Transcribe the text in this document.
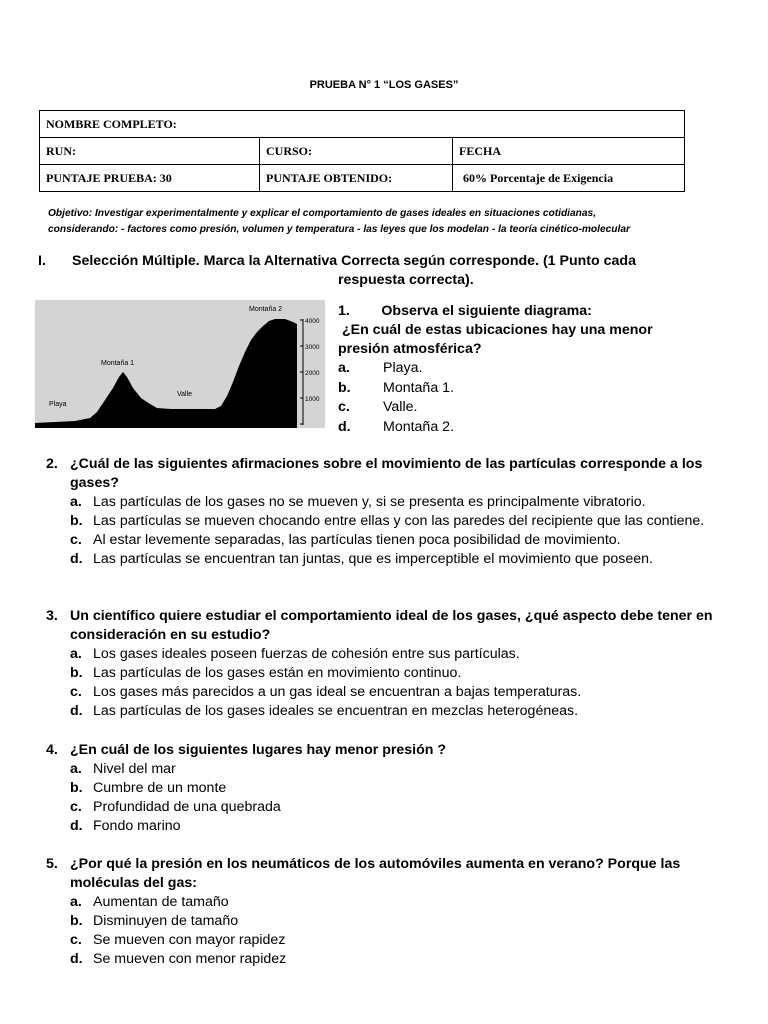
PRUEBA N° 1 “LOS GASES”
NOMBRE COMPLETO:		
RUN:	CURSO:	FECHA
PUNTAJE PRUEBA: 30	PUNTAJE OBTENIDO:	60% Porcentaje de Exigencia
Objetivo: Investigar experimentalmente y explicar el comportamiento de gases ideales en situaciones cotidianas,
considerando: - factores como presión, volumen y temperatura - las leyes que los modelan - la teoría cinético-molecular
I. Selección Múltiple. Marca la Alternativa Correcta según corresponde. (1 Punto cada
respuesta correcta).
4000
3000
2000
1000
Playa
Montaña 1
Valle
Montaña 2	1.        Observa el siguiente diagrama:
¿En cuál de estas ubicaciones hay una menor
presión atmosférica?
a. Playa.
b. Montaña 1.
c. Valle.
d. Montaña 2.
2. ¿Cuál de las siguientes afirmaciones sobre el movimiento de las partículas corresponde a los gases?
a. Las partículas de los gases no se mueven y, si se presenta es principalmente vibratorio.
b. Las partículas se mueven chocando entre ellas y con las paredes del recipiente que las contiene.
c. Al estar levemente separadas, las partículas tienen poca posibilidad de movimiento.
d. Las partículas se encuentran tan juntas, que es imperceptible el movimiento que poseen.
3. Un científico quiere estudiar el comportamiento ideal de los gases, ¿qué aspecto debe tener en consideración en su estudio?
a. Los gases ideales poseen fuerzas de cohesión entre sus partículas.
b. Las partículas de los gases están en movimiento continuo.
c. Los gases más parecidos a un gas ideal se encuentran a bajas temperaturas.
d. Las partículas de los gases ideales se encuentran en mezclas heterogéneas.
4. ¿En cuál de los siguientes lugares hay menor presión ?
a. Nivel del mar
b. Cumbre de un monte
c. Profundidad de una quebrada
d. Fondo marino
5. ¿Por qué la presión en los neumáticos de los automóviles aumenta en verano? Porque las moléculas del gas:
a. Aumentan de tamaño
b. Disminuyen de tamaño
c. Se mueven con mayor rapidez
d. Se mueven con menor rapidez
